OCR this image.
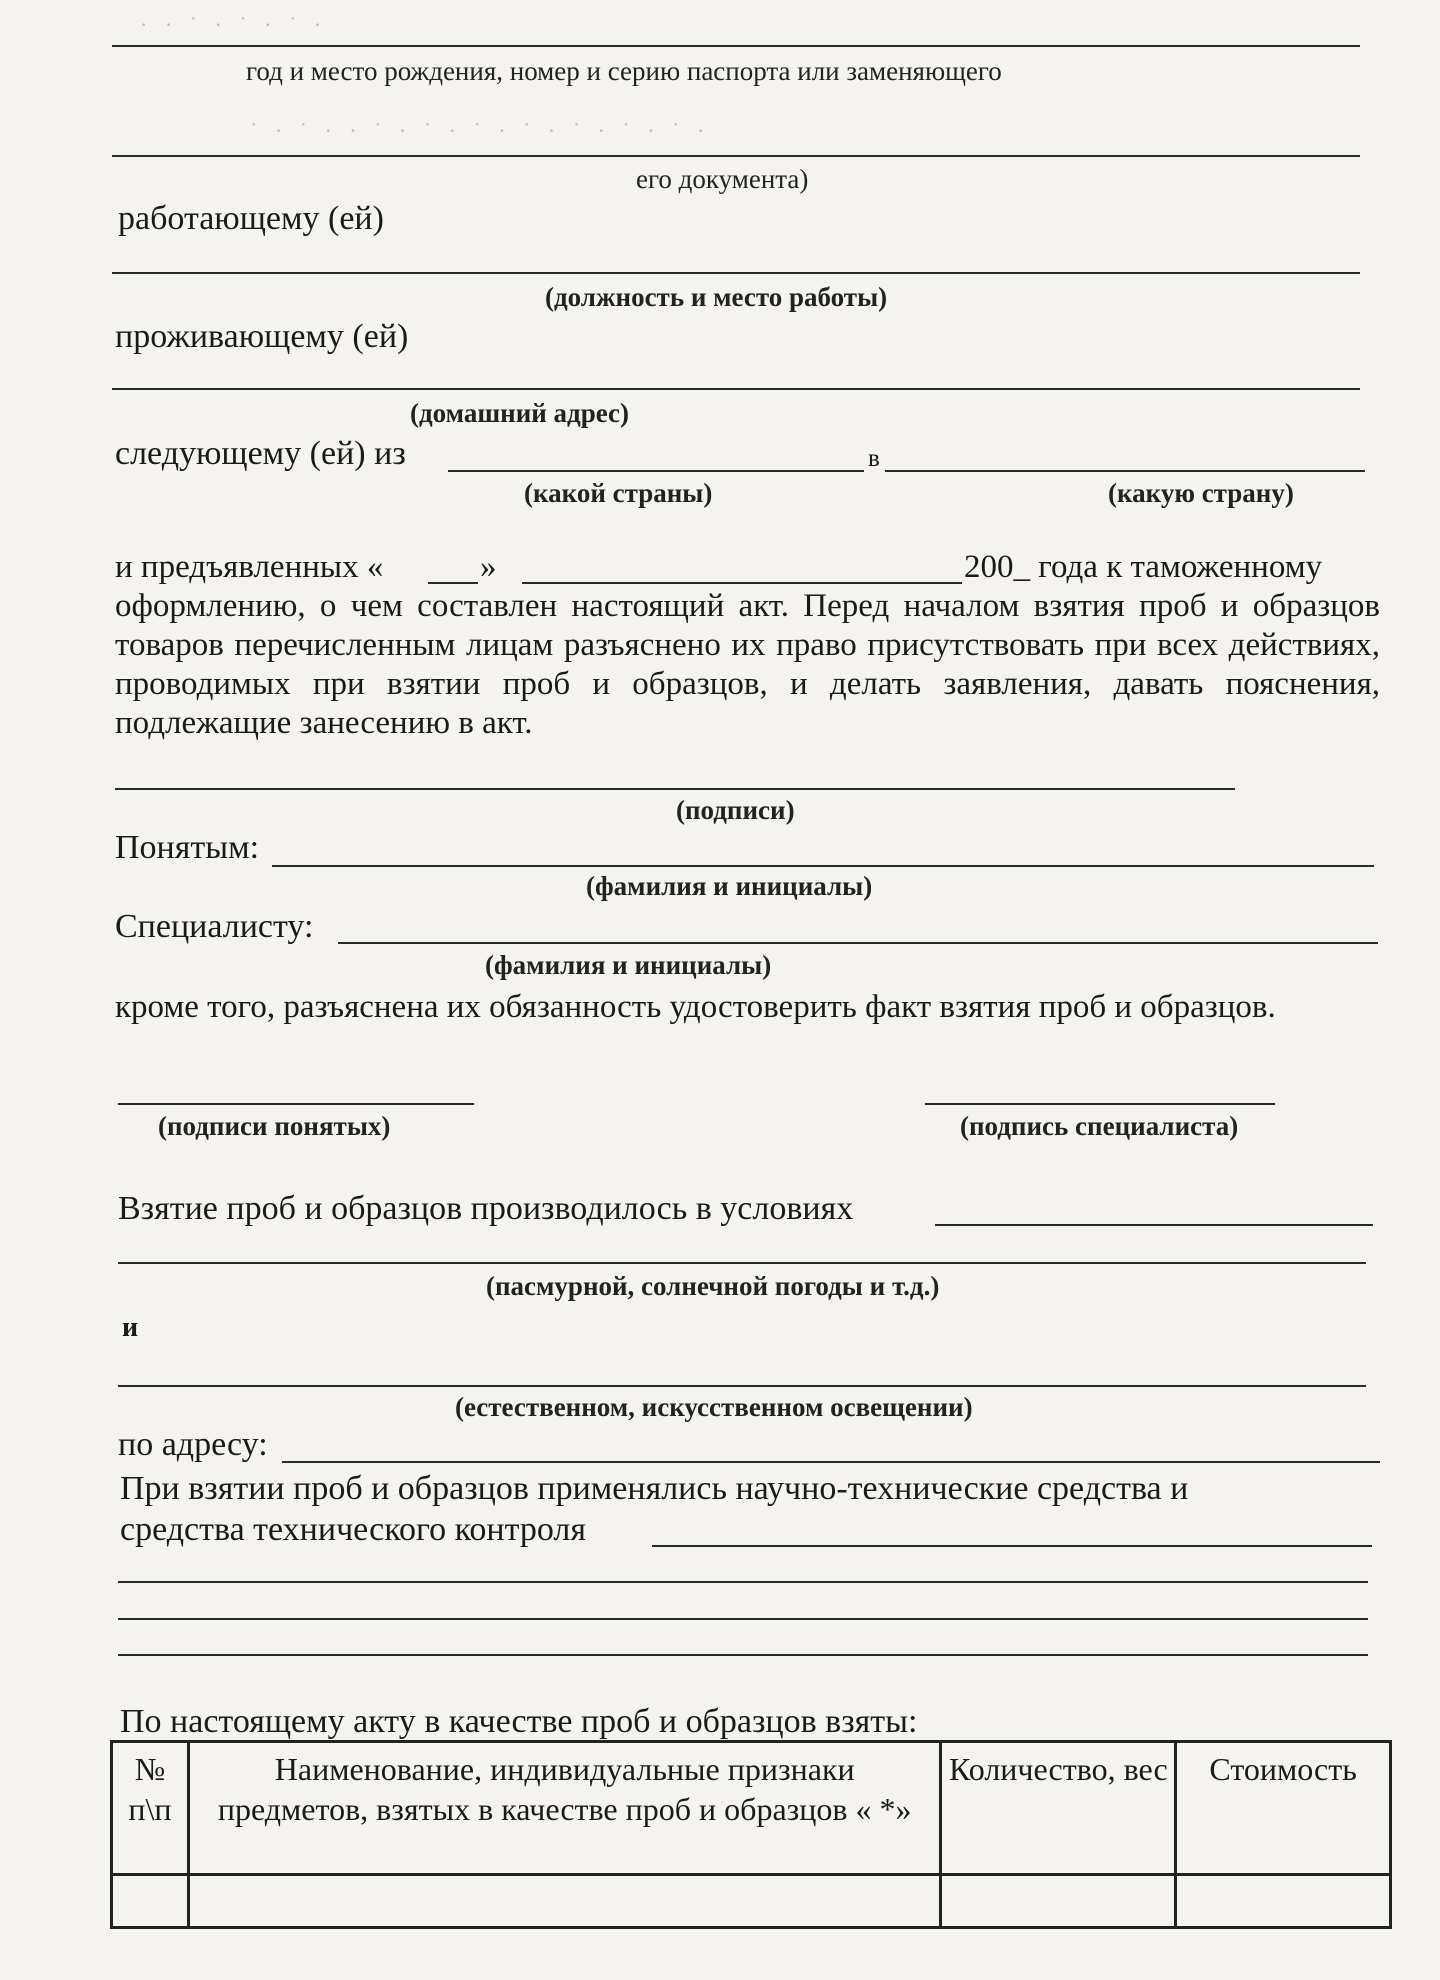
· · ˙ · ˙ · ˙ ·
˙ · ˙ · · ˙ · ˙ · ˙ · ˙ · ˙ · ˙ · ˙ ·
год и место рождения, номер и серию паспорта или заменяющего
его документа)
работающему (ей)
(должность и место работы)
проживающему (ей)
(домашний адрес)
следующему (ей) из	в
(какой страны)	(какую страну)
и предъявленных «	»	200_ года к таможенному
оформлению, о чем составлен настоящий акт. Перед началом взятия проб и образцов товаров перечисленным лицам разъяснено их право присутствовать при всех действиях, проводимых при взятии проб и образцов, и делать заявления, давать пояснения, подлежащие занесению в акт.
(подписи)
Понятым:
(фамилия и инициалы)
Специалисту:
(фамилия и инициалы)
кроме того, разъяснена их обязанность удостоверить факт взятия проб и образцов.
(подписи понятых)	(подпись специалиста)
Взятие проб и образцов производилось в условиях
(пасмурной, солнечной погоды и т.д.)
и
(естественном, искусственном освещении)
по адресу:
При взятии проб и образцов применялись научно-технические средства и
средства технического контроля
По настоящему акту в качестве проб и образцов взяты:
№ п\п	Наименование, индивидуальные признаки предметов, взятых в качестве проб и образцов « *»	Количество, вес	Стоимость
